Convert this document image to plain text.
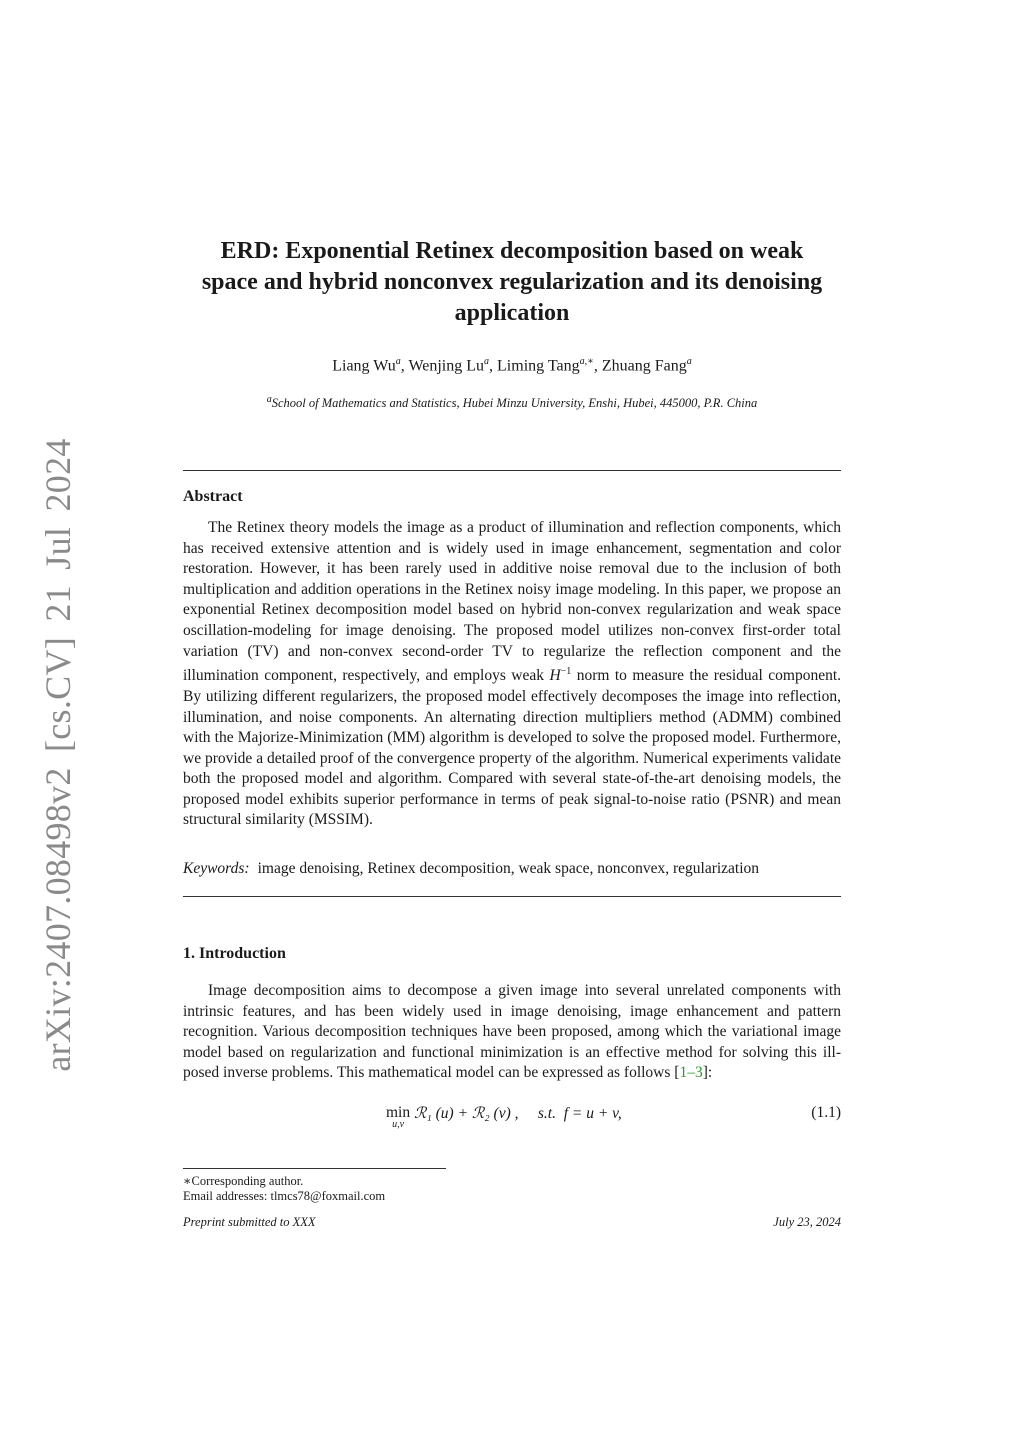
arXiv:2407.08498v2 [cs.CV] 21 Jul 2024
ERD: Exponential Retinex decomposition based on weak
space and hybrid nonconvex regularization and its denoising
application
Liang Wu$^a$, Wenjing Lu$^a$, Liming Tang$^{a,∗}$, Zhuang Fang$^a$
$^a$School of Mathematics and Statistics, Hubei Minzu University, Enshi, Hubei, 445000, P.R. China
Abstract
The Retinex theory models the image as a product of illumination and reflection components, which has received extensive attention and is widely used in image enhancement, segmentation and color restoration. However, it has been rarely used in additive noise removal due to the inclusion of both multiplication and addition operations in the Retinex noisy image modeling. In this paper, we propose an exponential Retinex decomposition model based on hybrid non-convex regularization and weak space oscillation-modeling for image denoising. The proposed model utilizes non-convex first-order total variation (TV) and non-convex second-order TV to regularize the reflection component and the illumination component, respectively, and employs weak $H^{-1}$ norm to measure the residual component. By utilizing different regularizers, the proposed model effectively decomposes the image into reflection, illumination, and noise components. An alternating direction multipliers method (ADMM) combined with the Majorize-Minimization (MM) algorithm is developed to solve the proposed model. Furthermore, we provide a detailed proof of the convergence property of the algorithm. Numerical experiments validate both the proposed model and algorithm. Compared with several state-of-the-art denoising models, the proposed model exhibits superior performance in terms of peak signal-to-noise ratio (PSNR) and mean structural similarity (MSSIM).
Keywords: image denoising, Retinex decomposition, weak space, nonconvex, regularization
1. Introduction
Image decomposition aims to decompose a given image into several unrelated components with intrinsic features, and has been widely used in image denoising, image enhancement and pattern recognition. Various decomposition techniques have been proposed, among which the variational image model based on regularization and functional minimization is an effective method for solving this ill-posed inverse problems. This mathematical model can be expressed as follows [1–3]:
min
u,v
ℛ₁ (u) + ℛ₂ (v) ,     s.t.  f = u + v,	(1.1)
∗Corresponding author.
Email addresses: tlmcs78@foxmail.com
Preprint submitted to XXX	July 23, 2024
